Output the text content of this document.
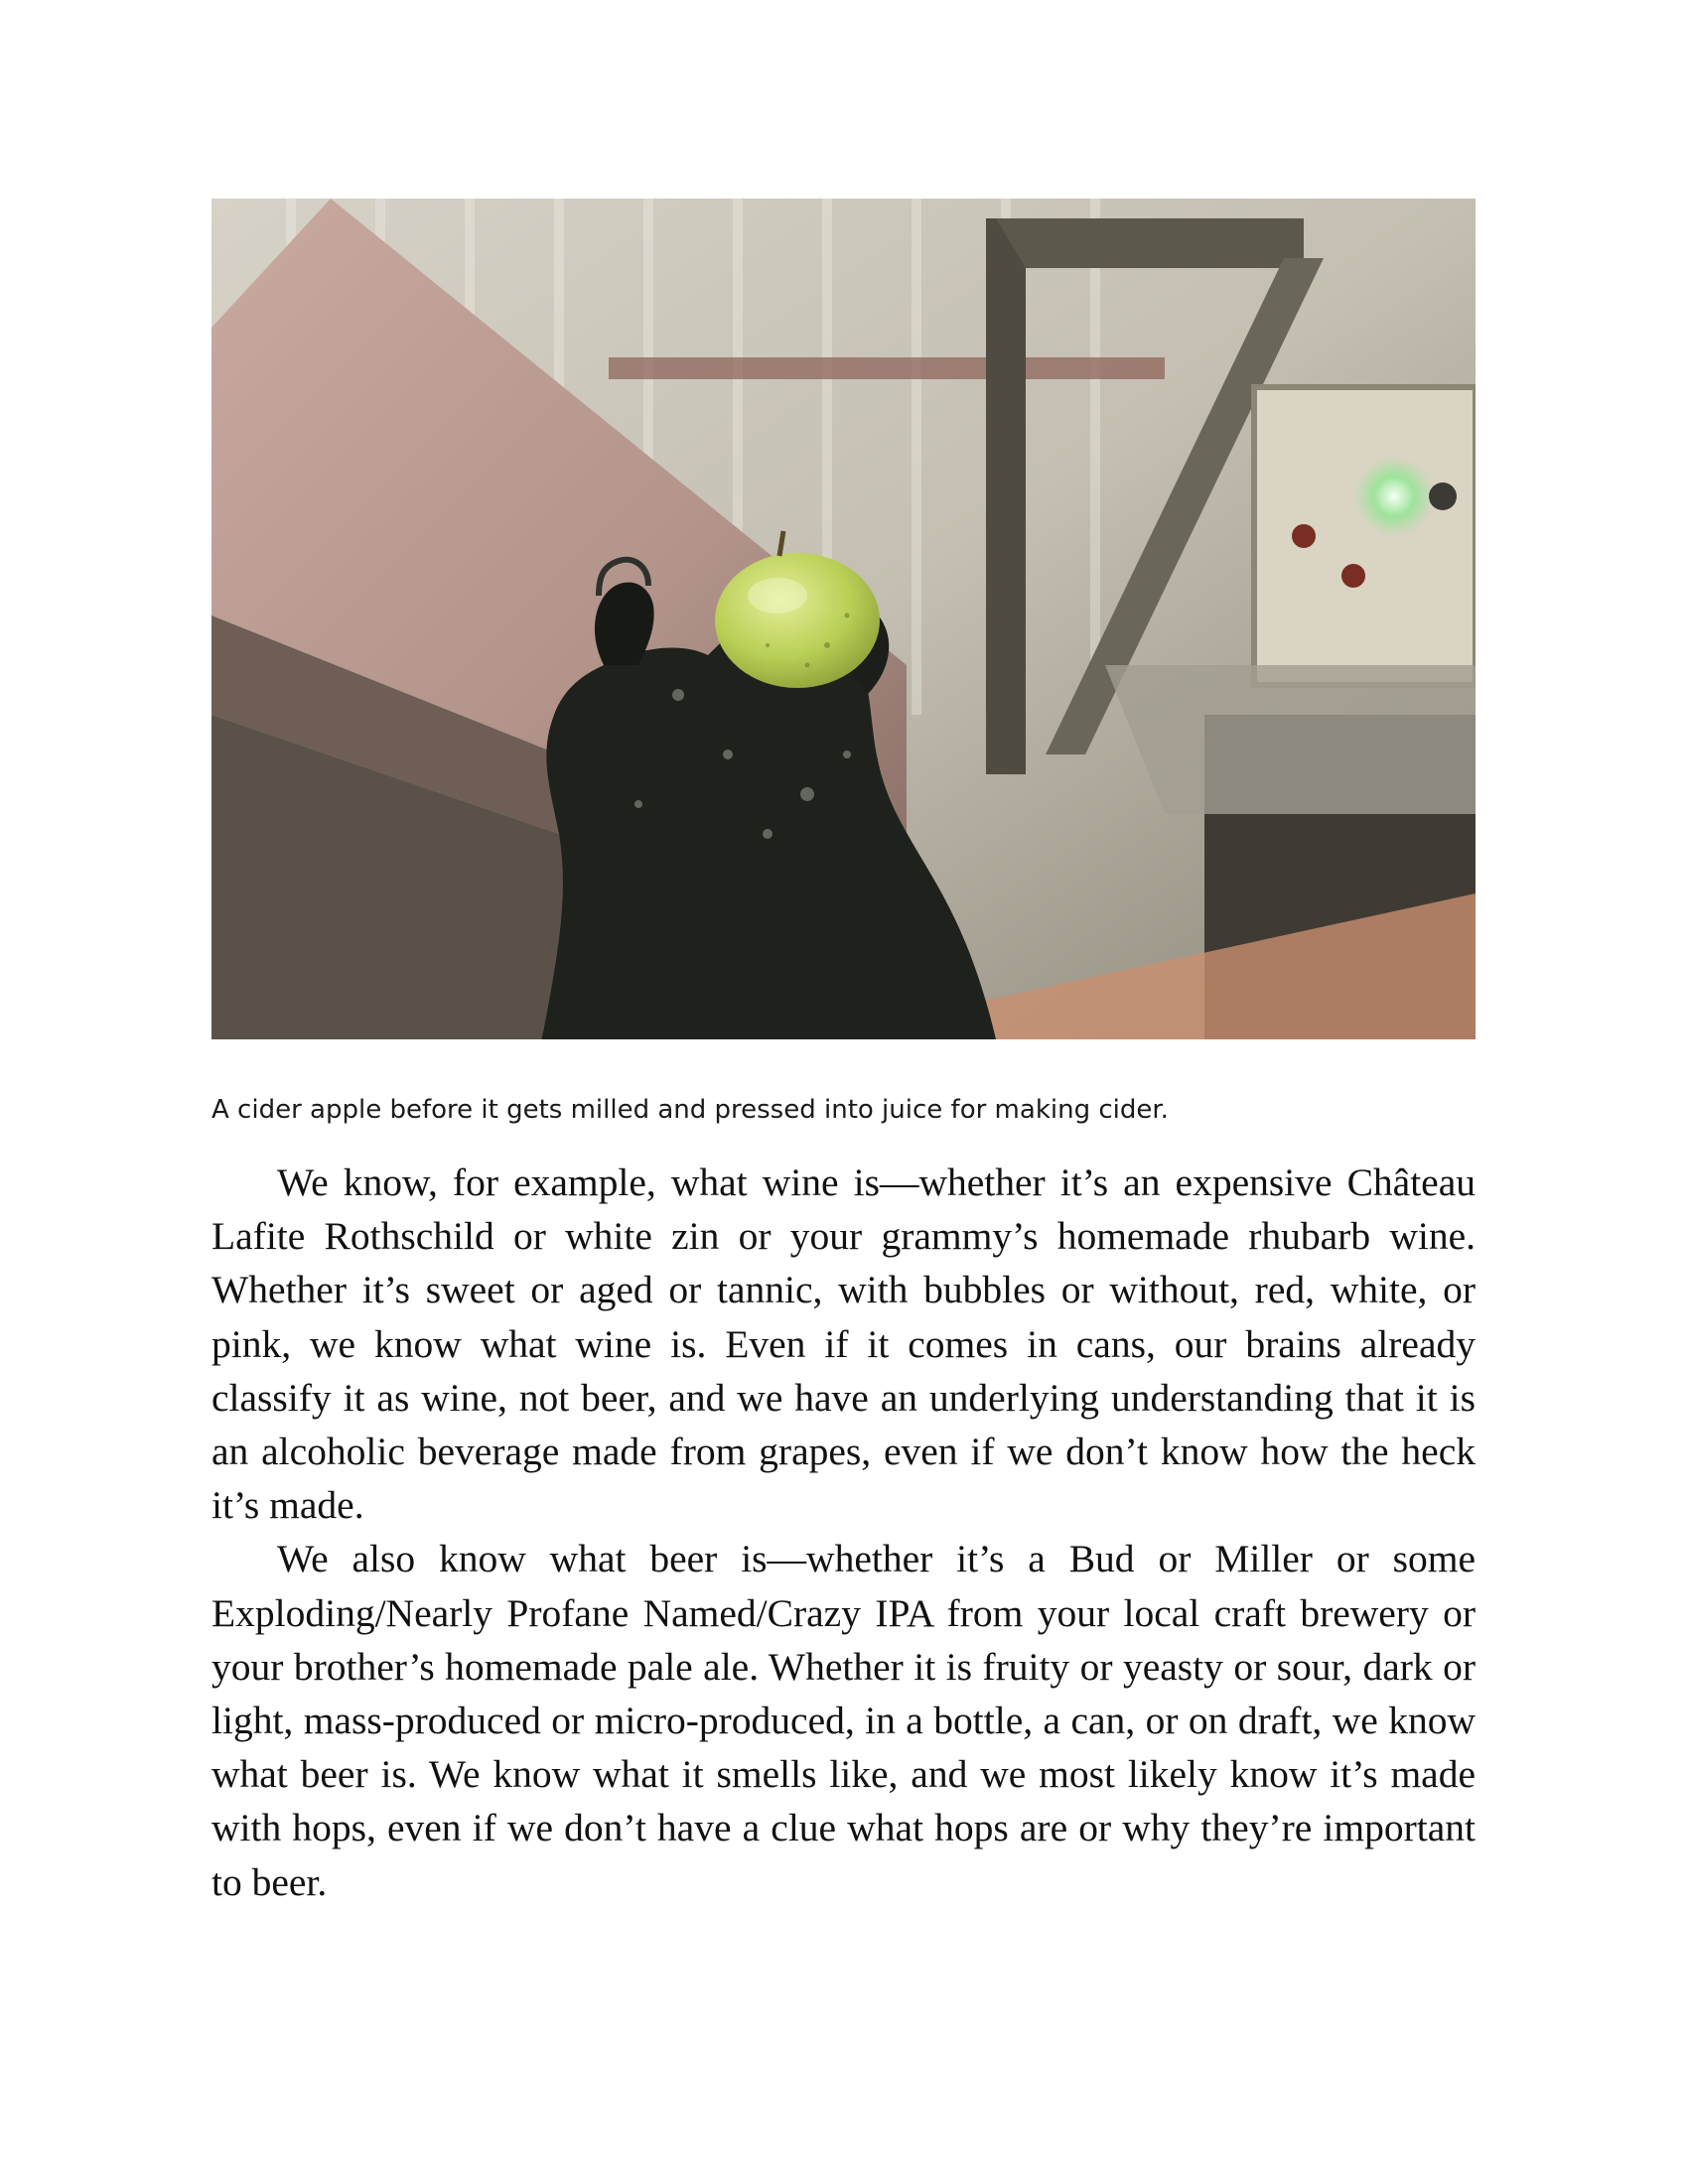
A cider apple before it gets milled and pressed into juice for making cider.

We know, for example, what wine is—whether it’s an expensive Château Lafite Rothschild or white zin or your grammy’s homemade rhubarb wine. Whether it’s sweet or aged or tannic, with bubbles or without, red, white, or pink, we know what wine is. Even if it comes in cans, our brains already classify it as wine, not beer, and we have an underlying understanding that it is an alcoholic beverage made from grapes, even if we don’t know how the heck it’s made.

We also know what beer is—whether it’s a Bud or Miller or some Exploding/Nearly Profane Named/Crazy IPA from your local craft brewery or your brother’s homemade pale ale. Whether it is fruity or yeasty or sour, dark or light, mass-produced or micro-produced, in a bottle, a can, or on draft, we know what beer is. We know what it smells like, and we most likely know it’s made with hops, even if we don’t have a clue what hops are or why they’re important to beer.
